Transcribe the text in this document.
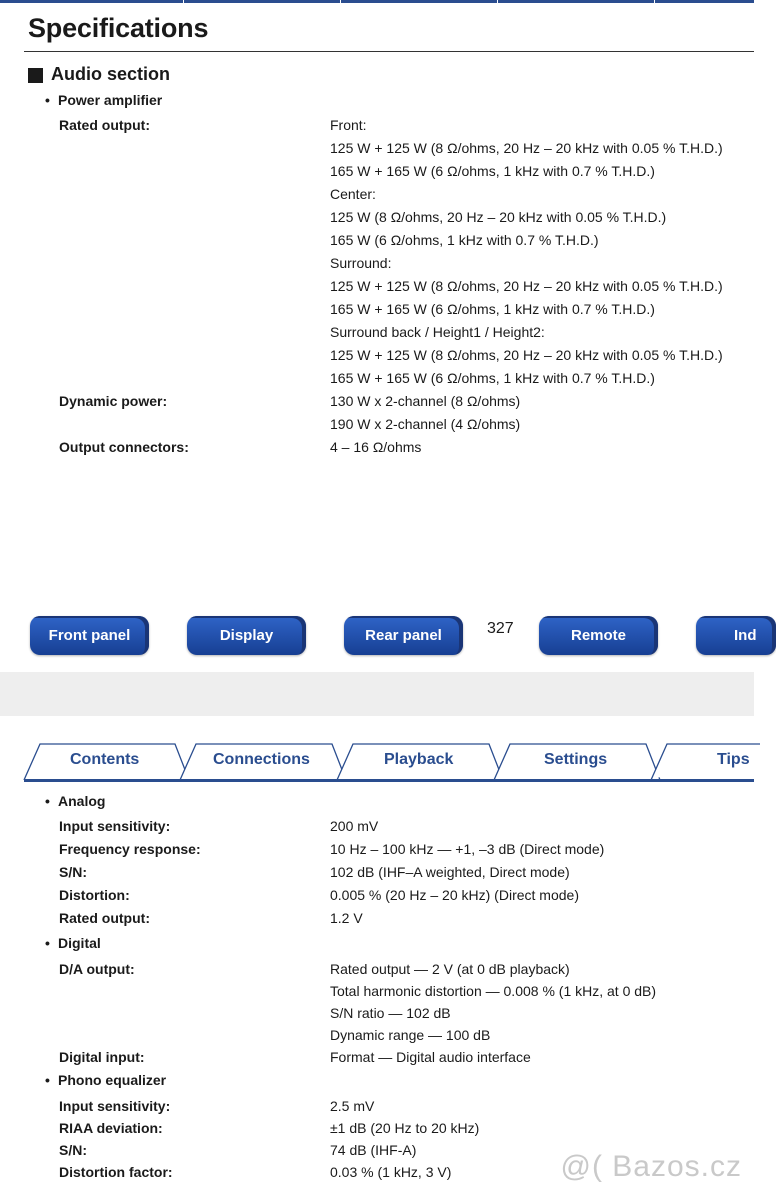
Specifications
Audio section
• Power amplifier
Rated output:	Front:
125 W + 125 W (8 Ω/ohms, 20 Hz – 20 kHz with 0.05 % T.H.D.)
165 W + 165 W (6 Ω/ohms, 1 kHz with 0.7 % T.H.D.)
Center:
125 W (8 Ω/ohms, 20 Hz – 20 kHz with 0.05 % T.H.D.)
165 W (6 Ω/ohms, 1 kHz with 0.7 % T.H.D.)
Surround:
125 W + 125 W (8 Ω/ohms, 20 Hz – 20 kHz with 0.05 % T.H.D.)
165 W + 165 W (6 Ω/ohms, 1 kHz with 0.7 % T.H.D.)
Surround back / Height1 / Height2:
125 W + 125 W (8 Ω/ohms, 20 Hz – 20 kHz with 0.05 % T.H.D.)
165 W + 165 W (6 Ω/ohms, 1 kHz with 0.7 % T.H.D.)
Dynamic power:	130 W x 2-channel (8 Ω/ohms)
190 W x 2-channel (4 Ω/ohms)
Output connectors:	4 – 16 Ω/ohms
Front panel	Display	Rear panel	327	Remote	Ind
Contents	Connections	Playback	Settings	Tips
• Analog
Input sensitivity:	200 mV
Frequency response:	10 Hz – 100 kHz — +1, –3 dB (Direct mode)
S/N:	102 dB (IHF–A weighted, Direct mode)
Distortion:	0.005 % (20 Hz – 20 kHz) (Direct mode)
Rated output:	1.2 V
• Digital
D/A output:	Rated output — 2 V (at 0 dB playback)
Total harmonic distortion — 0.008 % (1 kHz, at 0 dB)
S/N ratio — 102 dB
Dynamic range — 100 dB
Digital input:	Format — Digital audio interface
• Phono equalizer
Input sensitivity:	2.5 mV
RIAA deviation:	±1 dB (20 Hz to 20 kHz)
S/N:	74 dB (IHF-A)
Distortion factor:	0.03 % (1 kHz, 3 V)	@( Bazos.cz
